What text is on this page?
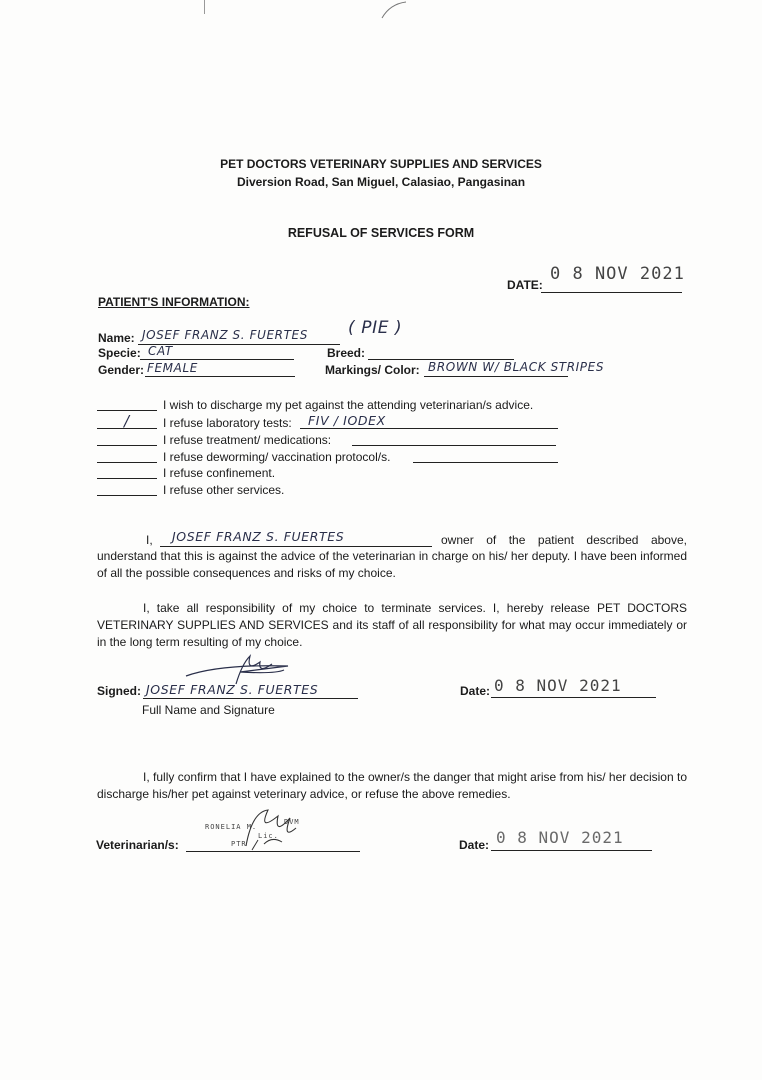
PET DOCTORS VETERINARY SUPPLIES AND SERVICES
Diversion Road, San Miguel, Calasiao, Pangasinan
REFUSAL OF SERVICES FORM
DATE:
0 8 NOV 2021
PATIENT'S INFORMATION:
Name: JOSEF FRANZ S. FUERTES ( PIE )
Specie: CAT	Breed:
Gender: FEMALE	Markings/ Color: BROWN W/ BLACK STRIPES
I wish to discharge my pet against the attending veterinarian/s advice.
/	I refuse laboratory tests: FIV / IODEX
I refuse treatment/ medications:
I refuse deworming/ vaccination protocol/s.
I refuse confinement.
I refuse other services.
I, JOSEF FRANZ S. FUERTES	owner of the patient described above,
understand that this is against the advice of the veterinarian in charge on his/ her deputy. I have been informed of all the possible consequences and risks of my choice.
I, take all responsibility of my choice to terminate services. I, hereby release PET DOCTORS VETERINARY SUPPLIES AND SERVICES and its staff of all responsibility for what may occur immediately or in the long term resulting of my choice.
Signed: JOSEF FRANZ S. FUERTES
Full Name and Signature
Date: 0 8 NOV 2021
I, fully confirm that I have explained to the owner/s the danger that might arise from his/ her decision to discharge his/her pet against veterinary advice, or refuse the above remedies.
Veterinarian/s:
RONELIA M.
DVM
Lic.
PTR	Date: 0 8 NOV 2021
